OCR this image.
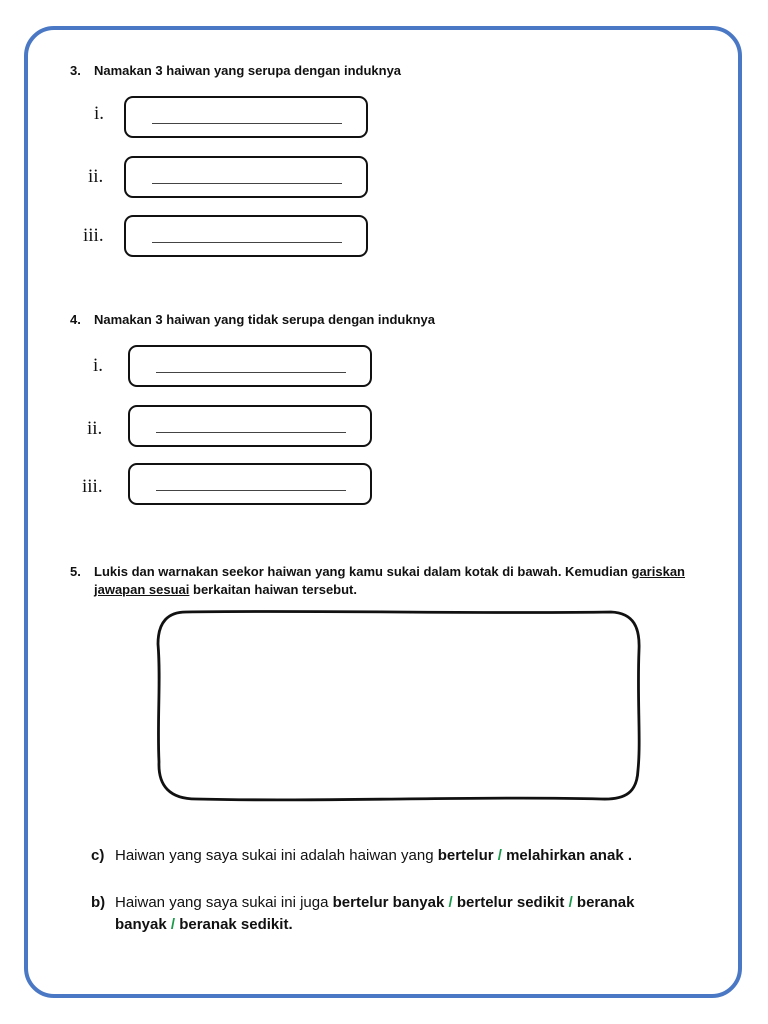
3. Namakan 3 haiwan yang serupa dengan induknya
i.
ii.
iii.
4. Namakan 3 haiwan yang tidak serupa dengan induknya
i.
ii.
iii.
5. Lukis dan warnakan seekor haiwan yang kamu sukai dalam kotak di bawah. Kemudian gariskan jawapan sesuai berkaitan haiwan tersebut.
c) Haiwan yang saya sukai ini adalah haiwan yang bertelur / melahirkan anak .
b) Haiwan yang saya sukai ini juga bertelur banyak / bertelur sedikit / beranak
banyak / beranak sedikit.
